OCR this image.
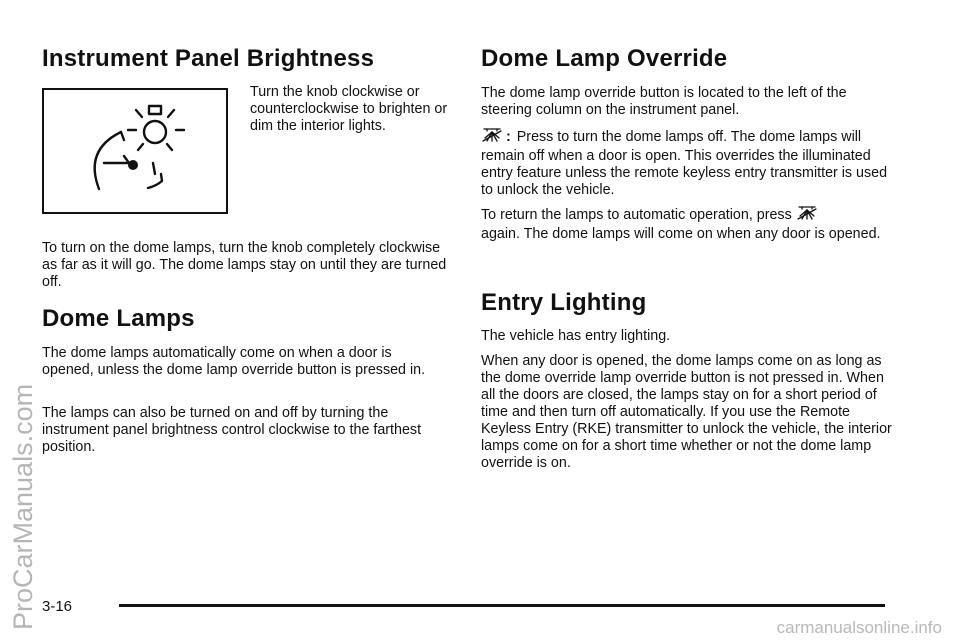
ProCarManuals.com
Instrument Panel Brightness

Turn the knob clockwise or counterclockwise to brighten or dim the interior lights.

To turn on the dome lamps, turn the knob completely clockwise as far as it will go. The dome lamps stay on until they are turned off.

Dome Lamps

The dome lamps automatically come on when a door is opened, unless the dome lamp override button is pressed in.

The lamps can also be turned on and off by turning the instrument panel brightness control clockwise to the farthest position.

Dome Lamp Override

The dome lamp override button is located to the left of the steering column on the instrument panel.

: Press to turn the dome lamps off. The dome lamps will remain off when a door is open. This overrides the illuminated entry feature unless the remote keyless entry transmitter is used to unlock the vehicle.

To return the lamps to automatic operation, press
again. The dome lamps will come on when any door is opened.

Entry Lighting

The vehicle has entry lighting.

When any door is opened, the dome lamps come on as long as the dome override lamp override button is not pressed in. When all the doors are closed, the lamps stay on for a short period of time and then turn off automatically. If you use the Remote Keyless Entry (RKE) transmitter to unlock the vehicle, the interior lamps come on for a short time whether or not the dome lamp override is on.

3-16
carmanualsonline.info
